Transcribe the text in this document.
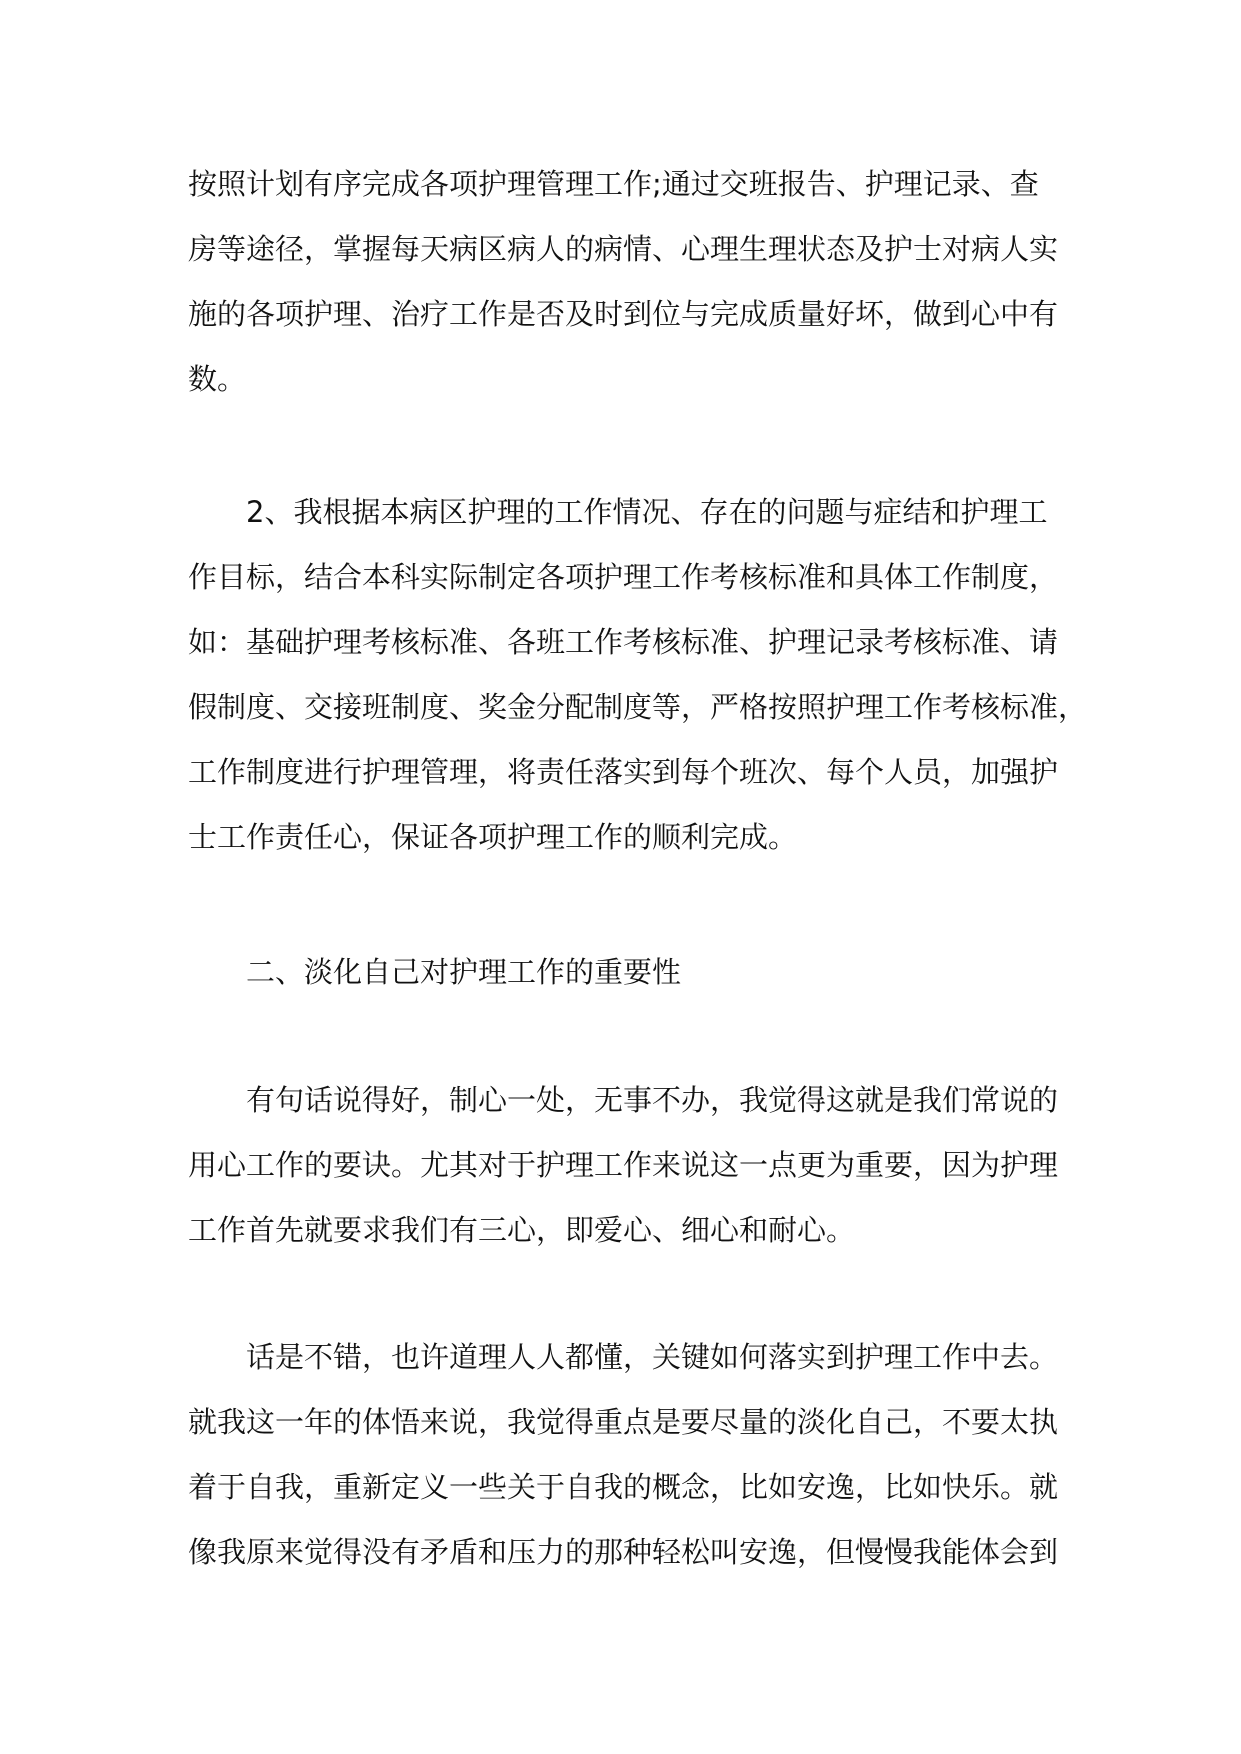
按照计划有序完成各项护理管理工作;通过交班报告、护理记录、查
房等途径，掌握每天病区病人的病情、心理生理状态及护士对病人实
施的各项护理、治疗工作是否及时到位与完成质量好坏，做到心中有
数。
2、我根据本病区护理的工作情况、存在的问题与症结和护理工
作目标，结合本科实际制定各项护理工作考核标准和具体工作制度，
如：基础护理考核标准、各班工作考核标准、护理记录考核标准、请
假制度、交接班制度、奖金分配制度等，严格按照护理工作考核标准，
工作制度进行护理管理，将责任落实到每个班次、每个人员，加强护
士工作责任心，保证各项护理工作的顺利完成。
二、淡化自己对护理工作的重要性
有句话说得好，制心一处，无事不办，我觉得这就是我们常说的
用心工作的要诀。尤其对于护理工作来说这一点更为重要，因为护理
工作首先就要求我们有三心，即爱心、细心和耐心。
话是不错，也许道理人人都懂，关键如何落实到护理工作中去。
就我这一年的体悟来说，我觉得重点是要尽量的淡化自己，不要太执
着于自我，重新定义一些关于自我的概念，比如安逸，比如快乐。就
像我原来觉得没有矛盾和压力的那种轻松叫安逸，但慢慢我能体会到
